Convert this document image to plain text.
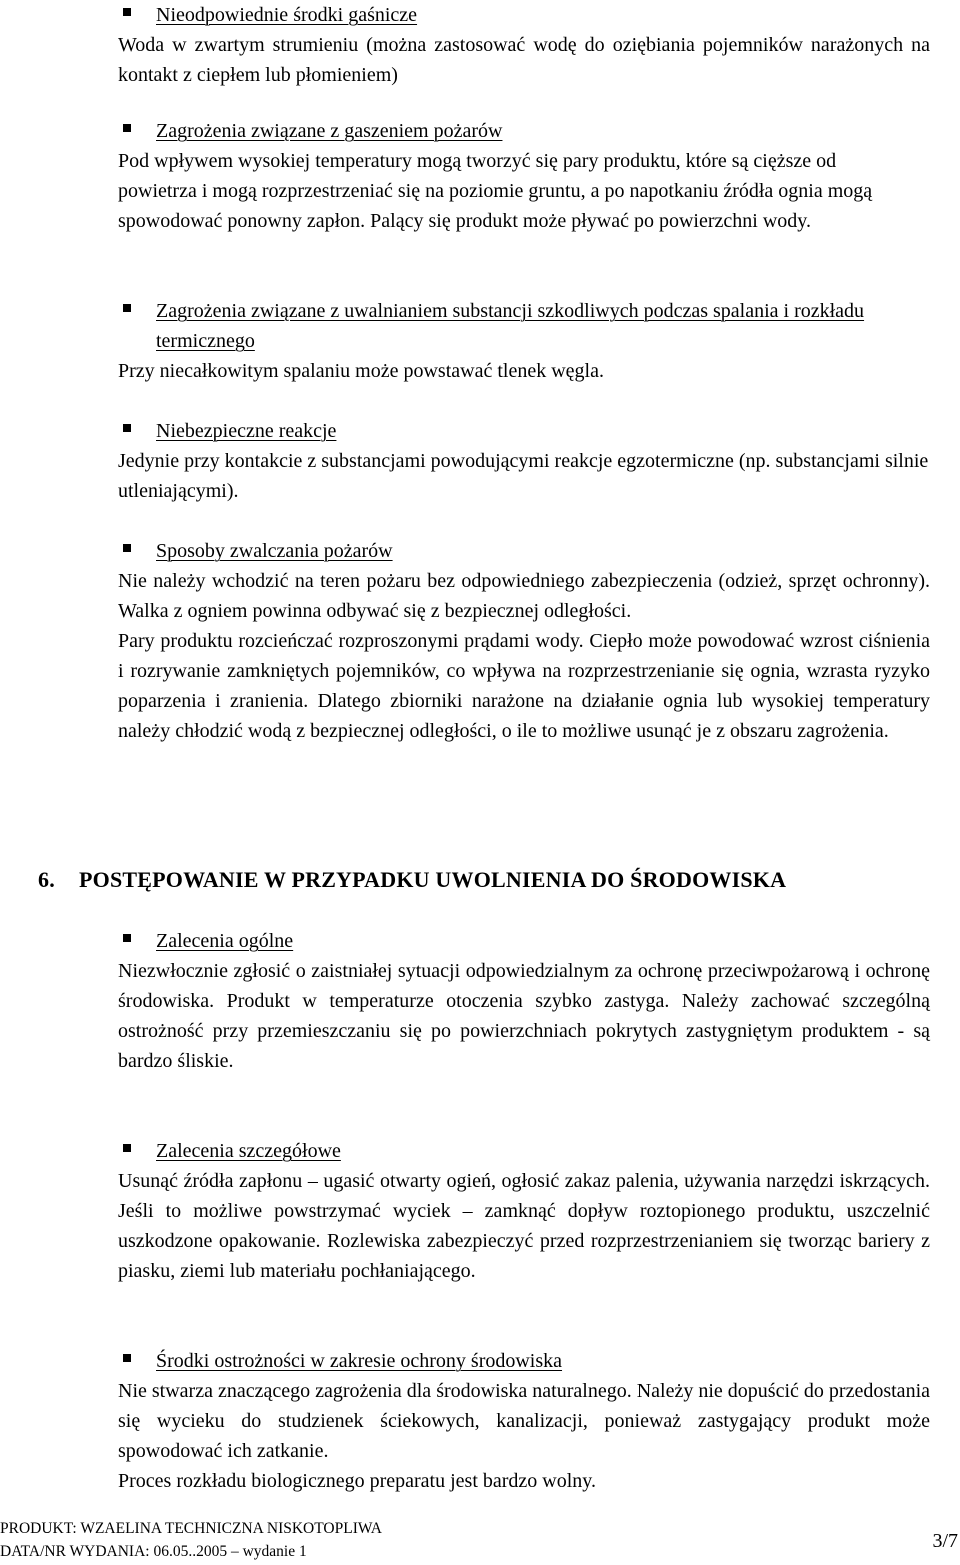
Nieodpowiednie środki gaśnicze

Woda w zwartym strumieniu (można zastosować wodę do oziębiania pojemników narażonych na kontakt z ciepłem lub płomieniem)

Zagrożenia związane z gaszeniem pożarów

Pod wpływem wysokiej temperatury mogą tworzyć się pary produktu, które są cięższe od powietrza i mogą rozprzestrzeniać się na poziomie gruntu, a po napotkaniu źródła ognia mogą spowodować ponowny zapłon. Palący się produkt może pływać po powierzchni wody.

Zagrożenia związane z uwalnianiem substancji szkodliwych podczas spalania i rozkładu termicznego

Przy niecałkowitym spalaniu może powstawać tlenek węgla.

Niebezpieczne reakcje

Jedynie przy kontakcie z substancjami powodującymi reakcje egzotermiczne (np. substancjami silnie utleniającymi).

Sposoby zwalczania pożarów

Nie należy wchodzić na teren pożaru bez odpowiedniego zabezpieczenia (odzież, sprzęt ochronny). Walka z ogniem powinna odbywać się z bezpiecznej odległości.

Pary produktu rozcieńczać rozproszonymi prądami wody. Ciepło może powodować wzrost ciśnienia i rozrywanie zamkniętych pojemników, co wpływa na rozprzestrzenianie się ognia, wzrasta ryzyko poparzenia i zranienia. Dlatego zbiorniki narażone na działanie ognia lub wysokiej temperatury należy chłodzić wodą z bezpiecznej odległości, o ile to możliwe usunąć je z obszaru zagrożenia.

6. POSTĘPOWANIE W PRZYPADKU UWOLNIENIA DO ŚRODOWISKA
Zalecenia ogólne

Niezwłocznie zgłosić o zaistniałej sytuacji odpowiedzialnym za ochronę przeciwpożarową i ochronę środowiska. Produkt w temperaturze otoczenia szybko zastyga. Należy zachować szczególną ostrożność przy przemieszczaniu się po powierzchniach pokrytych zastygniętym produktem - są bardzo śliskie.

Zalecenia szczegółowe

Usunąć źródła zapłonu – ugasić otwarty ogień, ogłosić zakaz palenia, używania narzędzi iskrzących. Jeśli to możliwe powstrzymać wyciek – zamknąć dopływ roztopionego produktu, uszczelnić uszkodzone opakowanie. Rozlewiska zabezpieczyć przed rozprzestrzenianiem się tworząc bariery z piasku, ziemi lub materiału pochłaniającego.

Środki ostrożności w zakresie ochrony środowiska

Nie stwarza znaczącego zagrożenia dla środowiska naturalnego. Należy nie dopuścić do przedostania się wycieku do studzienek ściekowych, kanalizacji, ponieważ zastygający produkt może spowodować ich zatkanie.

Proces rozkładu biologicznego preparatu jest bardzo wolny.

PRODUKT: WZAELINA TECHNICZNA NISKOTOPLIWA
DATA/NR WYDANIA: 06.05..2005 – wydanie 1	3/7
